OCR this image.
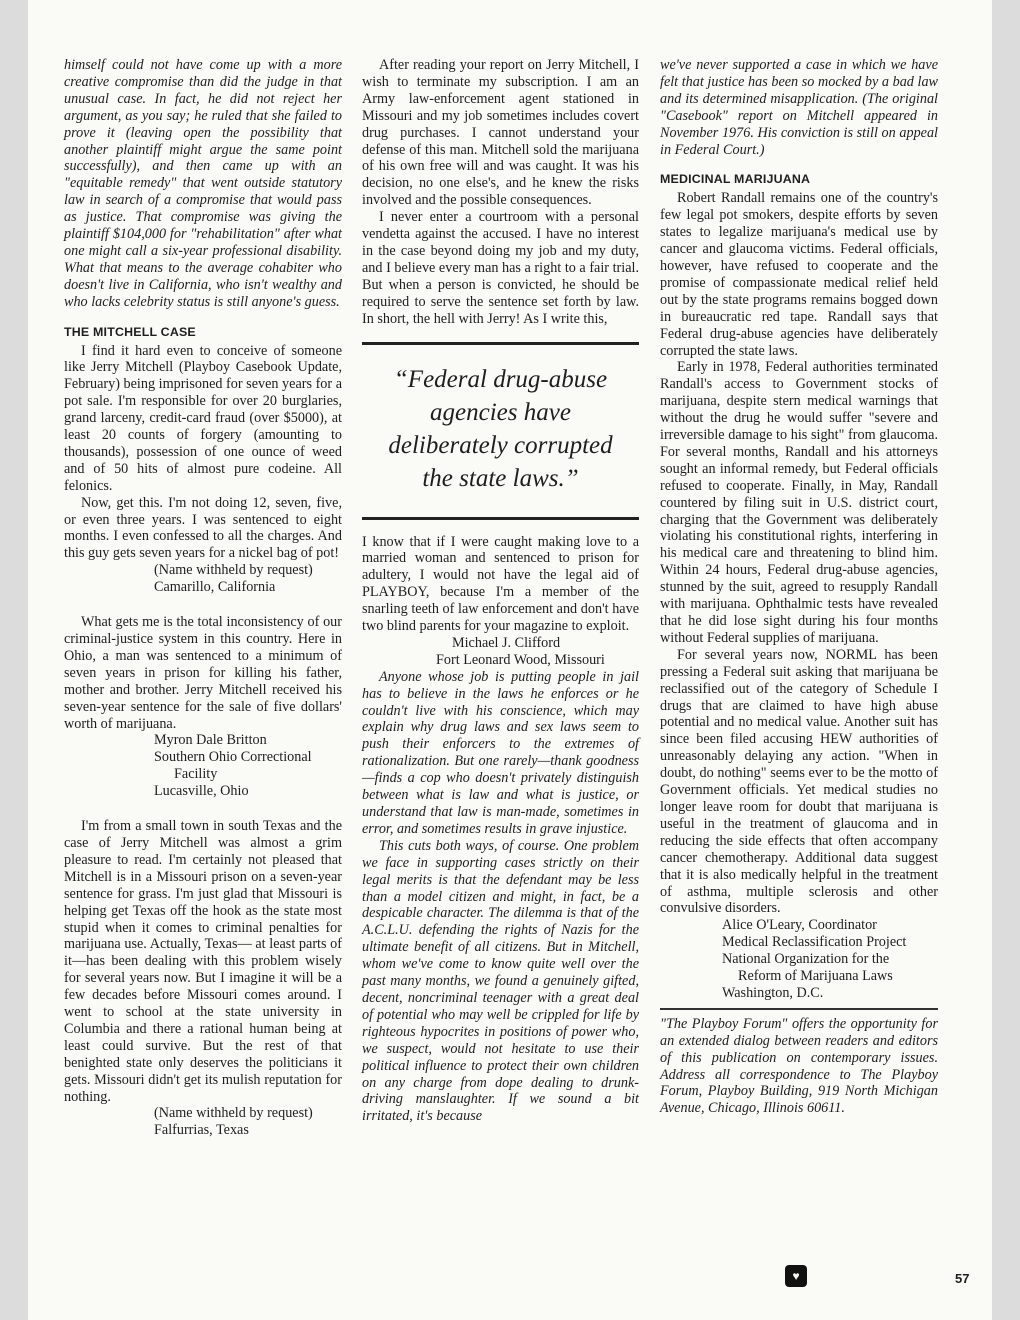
himself could not have come up with a more creative compromise than did the judge in that unusual case. In fact, he did not reject her argument, as you say; he ruled that she failed to prove it (leaving open the possibility that another plaintiff might argue the same point successfully), and then came up with an "equitable remedy" that went outside statutory law in search of a compromise that would pass as justice. That compromise was giving the plaintiff $104,000 for "rehabilitation" after what one might call a six-year professional disability. What that means to the average cohabiter who doesn't live in California, who isn't wealthy and who lacks celebrity status is still anyone's guess.

THE MITCHELL CASE

I find it hard even to conceive of someone like Jerry Mitchell (Playboy Casebook Update, February) being imprisoned for seven years for a pot sale. I'm responsible for over 20 burglaries, grand larceny, credit-card fraud (over $5000), at least 20 counts of forgery (amounting to thousands), possession of one ounce of weed and of 50 hits of almost pure codeine. All felonics.

Now, get this. I'm not doing 12, seven, five, or even three years. I was sentenced to eight months. I even confessed to all the charges. And this guy gets seven years for a nickel bag of pot!

(Name withheld by request)

Camarillo, California

What gets me is the total inconsistency of our criminal-justice system in this country. Here in Ohio, a man was sentenced to a minimum of seven years in prison for killing his father, mother and brother. Jerry Mitchell received his seven-year sentence for the sale of five dollars' worth of marijuana.

Myron Dale Britton

Southern Ohio Correctional

Facility

Lucasville, Ohio

I'm from a small town in south Texas and the case of Jerry Mitchell was almost a grim pleasure to read. I'm certainly not pleased that Mitchell is in a Missouri prison on a seven-year sentence for grass. I'm just glad that Missouri is helping get Texas off the hook as the state most stupid when it comes to criminal penalties for marijuana use. Actually, Texas— at least parts of it—has been dealing with this problem wisely for several years now. But I imagine it will be a few decades before Missouri comes around. I went to school at the state university in Columbia and there a rational human being at least could survive. But the rest of that benighted state only deserves the politicians it gets. Missouri didn't get its mulish reputation for nothing.

(Name withheld by request)

Falfurrias, Texas

After reading your report on Jerry Mitchell, I wish to terminate my subscription. I am an Army law-enforcement agent stationed in Missouri and my job sometimes includes covert drug purchases. I cannot understand your defense of this man. Mitchell sold the marijuana of his own free will and was caught. It was his decision, no one else's, and he knew the risks involved and the possible consequences.

I never enter a courtroom with a personal vendetta against the accused. I have no interest in the case beyond doing my job and my duty, and I believe every man has a right to a fair trial. But when a person is convicted, he should be required to serve the sentence set forth by law. In short, the hell with Jerry! As I write this,

“Federal drug-abuse agencies have deliberately corrupted the state laws.”

I know that if I were caught making love to a married woman and sentenced to prison for adultery, I would not have the legal aid of PLAYBOY, because I'm a member of the snarling teeth of law enforcement and don't have two blind parents for your magazine to exploit.

Michael J. Clifford

Fort Leonard Wood, Missouri

Anyone whose job is putting people in jail has to believe in the laws he enforces or he couldn't live with his conscience, which may explain why drug laws and sex laws seem to push their enforcers to the extremes of rationalization. But one rarely—thank goodness—finds a cop who doesn't privately distinguish between what is law and what is justice, or understand that law is man-made, sometimes in error, and sometimes results in grave injustice.

This cuts both ways, of course. One problem we face in supporting cases strictly on their legal merits is that the defendant may be less than a model citizen and might, in fact, be a despicable character. The dilemma is that of the A.C.L.U. defending the rights of Nazis for the ultimate benefit of all citizens. But in Mitchell, whom we've come to know quite well over the past many months, we found a genuinely gifted, decent, noncriminal teenager with a great deal of potential who may well be crippled for life by righteous hypocrites in positions of power who, we suspect, would not hesitate to use their political influence to protect their own children on any charge from dope dealing to drunk-driving manslaughter. If we sound a bit irritated, it's because

we've never supported a case in which we have felt that justice has been so mocked by a bad law and its determined misapplication. (The original "Casebook" report on Mitchell appeared in November 1976. His conviction is still on appeal in Federal Court.)

MEDICINAL MARIJUANA

Robert Randall remains one of the country's few legal pot smokers, despite efforts by seven states to legalize marijuana's medical use by cancer and glaucoma victims. Federal officials, however, have refused to cooperate and the promise of compassionate medical relief held out by the state programs remains bogged down in bureaucratic red tape. Randall says that Federal drug-abuse agencies have deliberately corrupted the state laws.

Early in 1978, Federal authorities terminated Randall's access to Government stocks of marijuana, despite stern medical warnings that without the drug he would suffer "severe and irreversible damage to his sight" from glaucoma. For several months, Randall and his attorneys sought an informal remedy, but Federal officials refused to cooperate. Finally, in May, Randall countered by filing suit in U.S. district court, charging that the Government was deliberately violating his constitutional rights, interfering in his medical care and threatening to blind him. Within 24 hours, Federal drug-abuse agencies, stunned by the suit, agreed to resupply Randall with marijuana. Ophthalmic tests have revealed that he did lose sight during his four months without Federal supplies of marijuana.

For several years now, NORML has been pressing a Federal suit asking that marijuana be reclassified out of the category of Schedule I drugs that are claimed to have high abuse potential and no medical value. Another suit has since been filed accusing HEW authorities of unreasonably delaying any action. "When in doubt, do nothing" seems ever to be the motto of Government officials. Yet medical studies no longer leave room for doubt that marijuana is useful in the treatment of glaucoma and in reducing the side effects that often accompany cancer chemotherapy. Additional data suggest that it is also medically helpful in the treatment of asthma, multiple sclerosis and other convulsive disorders.

Alice O'Leary, Coordinator

Medical Reclassification Project

National Organization for the

Reform of Marijuana Laws

Washington, D.C.

"The Playboy Forum" offers the opportunity for an extended dialog between readers and editors of this publication on contemporary issues. Address all correspondence to The Playboy Forum, Playboy Building, 919 North Michigan Avenue, Chicago, Illinois 60611.

♥	57
